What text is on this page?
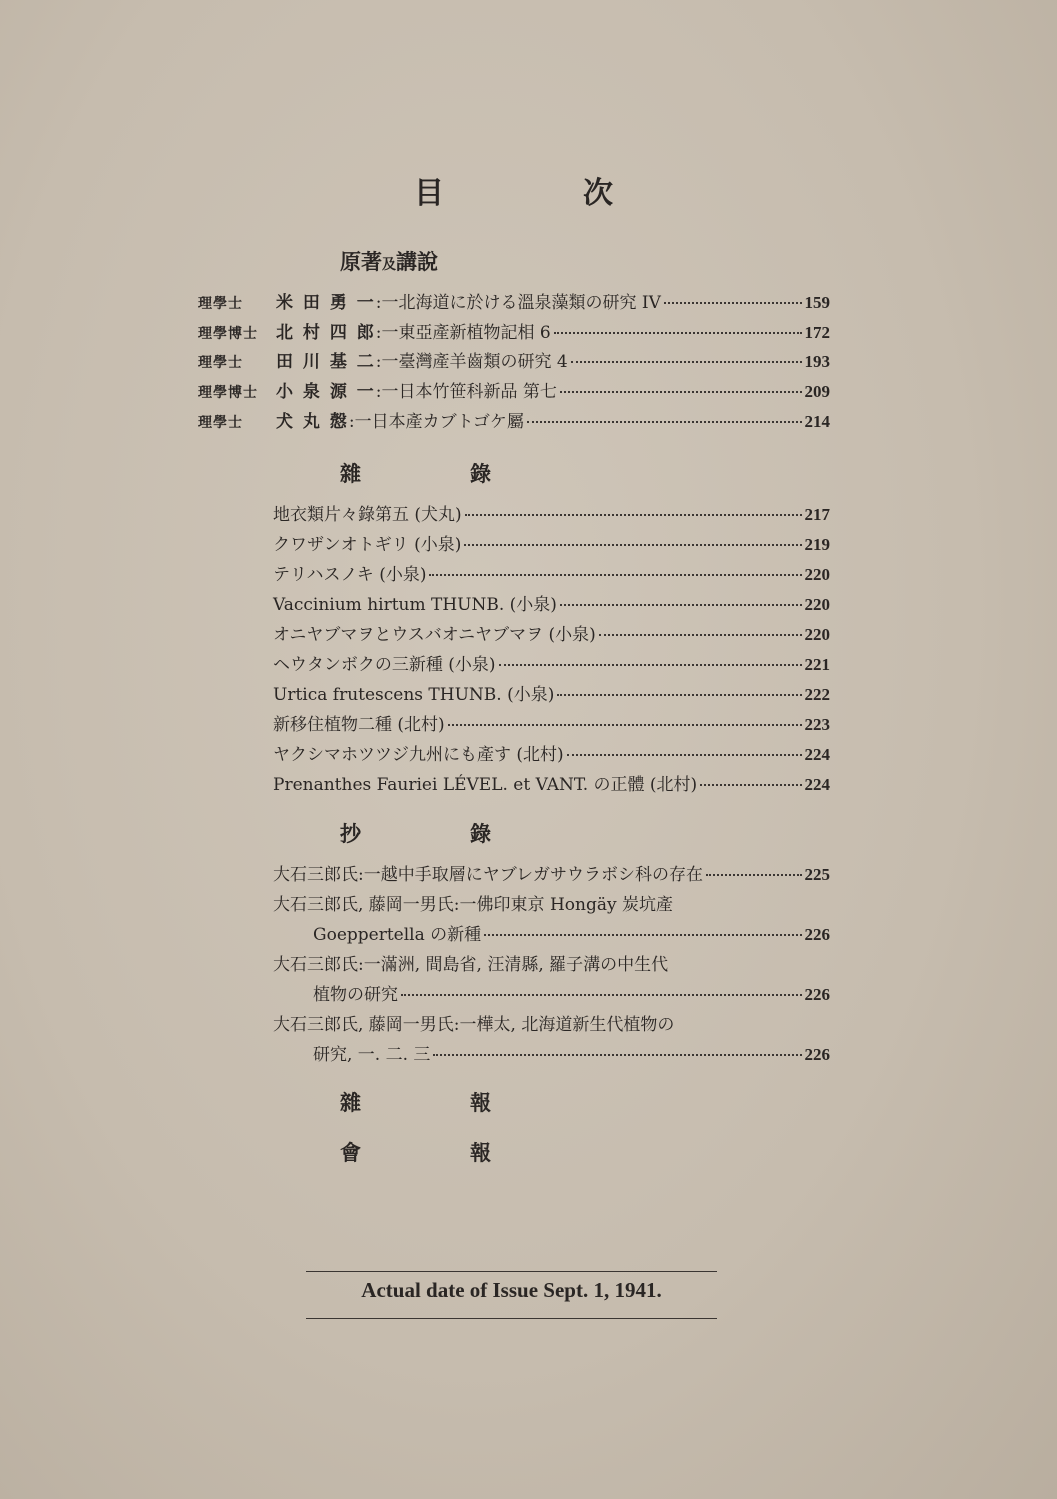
目	次
原著及講說
理學士	米 田 勇 一 :一北海道に於ける溫泉藻類の研究 IV	159
理學博士	北 村 四 郎 :一東亞產新植物記相 6	172
理學士	田 川 基 二 :一臺灣產羊齒類の研究 4	193
理學博士	小 泉 源 一 :一日本竹笹科新品 第七	209
理學士	犬 丸 慤 :一日本產カブトゴケ屬	214
雜	錄
地衣類片々錄第五 (犬丸)	217
クワザンオトギリ (小泉)	219
テリハスノキ (小泉)	220
Vaccinium hirtum THUNB. (小泉)	220
オニヤブマヲとウスバオニヤブマヲ (小泉)	220
ヘウタンボクの三新種 (小泉)	221
Urtica frutescens THUNB. (小泉)	222
新移住植物二種 (北村)	223
ヤクシマホツツジ九州にも產す (北村)	224
Prenanthes Fauriei LÉVEL. et VANT. の正體 (北村)	224
抄	錄
大石三郎氏:一越中手取層にヤブレガサウラボシ科の存在	225
大石三郎氏, 藤岡一男氏:一佛印東京 Hongäy 炭坑產
Goeppertella の新種	226
大石三郎氏:一滿洲, 間島省, 汪清縣, 羅子溝の中生代
植物の研究	226
大石三郎氏, 藤岡一男氏:一樺太, 北海道新生代植物の
研究, 一. 二. 三	226
雜	報
會	報
Actual date of Issue Sept. 1, 1941.
